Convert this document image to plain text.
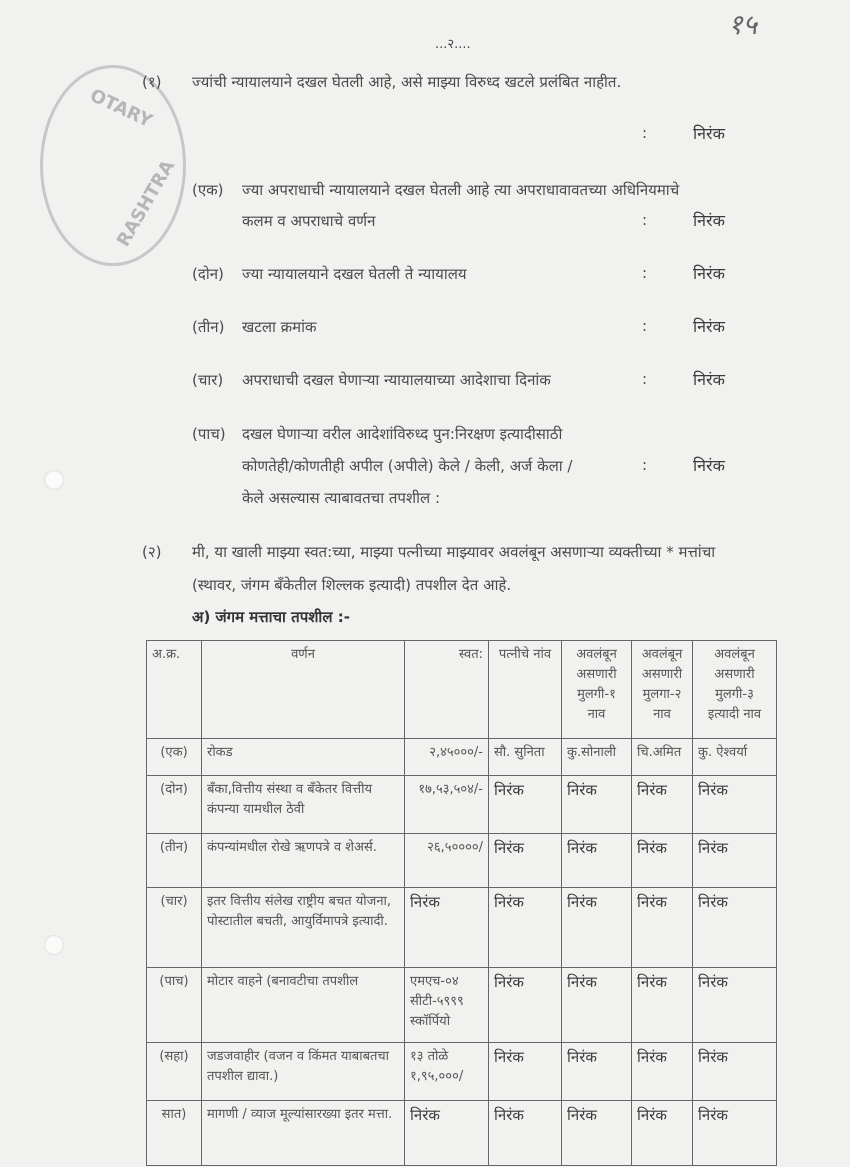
OTARY
RASHTRA
...२....
१५
(१) ज्यांची न्यायालयाने दखल घेतली आहे, असे माझ्या विरुध्द खटले प्रलंबित नाहीत.
:	निरंक
(एक) ज्या अपराधाची न्यायालयाने दखल घेतली आहे त्या अपराधावावतच्या अधिनियमाचे
कलम व अपराधाचे वर्णन	:	निरंक
(दोन) ज्या न्यायालयाने दखल घेतली ते न्यायालय	:	निरंक
(तीन) खटला क्रमांक	:	निरंक
(चार) अपराधाची दखल घेणाऱ्या न्यायालयाच्या आदेशाचा दिनांक	:	निरंक
(पाच) दखल घेणाऱ्या वरील आदेशांविरुध्द पुन:निरक्षण इत्यादीसाठी
कोणतेही/कोणतीही अपील (अपीले) केले / केली, अर्ज केला /
केले असल्यास त्याबावतचा तपशील :
:	निरंक
(२) मी, या खाली माझ्या स्वत:च्या, माझ्या पत्नीच्या माझ्यावर अवलंबून असणाऱ्या व्यक्तीच्या * मत्तांचा
(स्थावर, जंगम बँकेतील शिल्लक इत्यादी) तपशील देत आहे.
अ) जंगम मत्ताचा तपशील :-
अ.क्र.	वर्णन	स्वत:	पत्नीचे नांव	अवलंबून असणारी मुलगी-१ नाव	अवलंबून असणारी मुलगा-२ नाव	अवलंबून असणारी मुलगी-३ इत्यादी नाव
(एक)	रोकड	२,४५०००/-	सौ. सुनिता	कु.सोनाली	चि.अमित	कु. ऐश्वर्या
(दोन)	बँका,वित्तीय संस्था व बँकेतर वित्तीय कंपन्या यामधील ठेवी	१७,५३,५०४/-	निरंक	निरंक	निरंक	निरंक
(तीन)	कंपन्यांमधील रोखे ऋणपत्रे व शेअर्स.	२६,५००००/	निरंक	निरंक	निरंक	निरंक
(चार)	इतर वित्तीय संलेख राष्ट्रीय बचत योजना, पोस्टातील बचती, आयुर्विमापत्रे इत्यादी.	निरंक	निरंक	निरंक	निरंक	निरंक
(पाच)	मोटार वाहने (बनावटीचा तपशील	एमएच-०४ सीटी-५९९९ स्कॉर्पियो	निरंक	निरंक	निरंक	निरंक
(सहा)	जडजवाहीर (वजन व किंमत याबाबतचा तपशील द्यावा.)	१३ तोळे १,९५,०००/	निरंक	निरंक	निरंक	निरंक
सात)	मागणी / व्याज मूल्यांसारख्या इतर मत्ता.	निरंक	निरंक	निरंक	निरंक	निरंक
